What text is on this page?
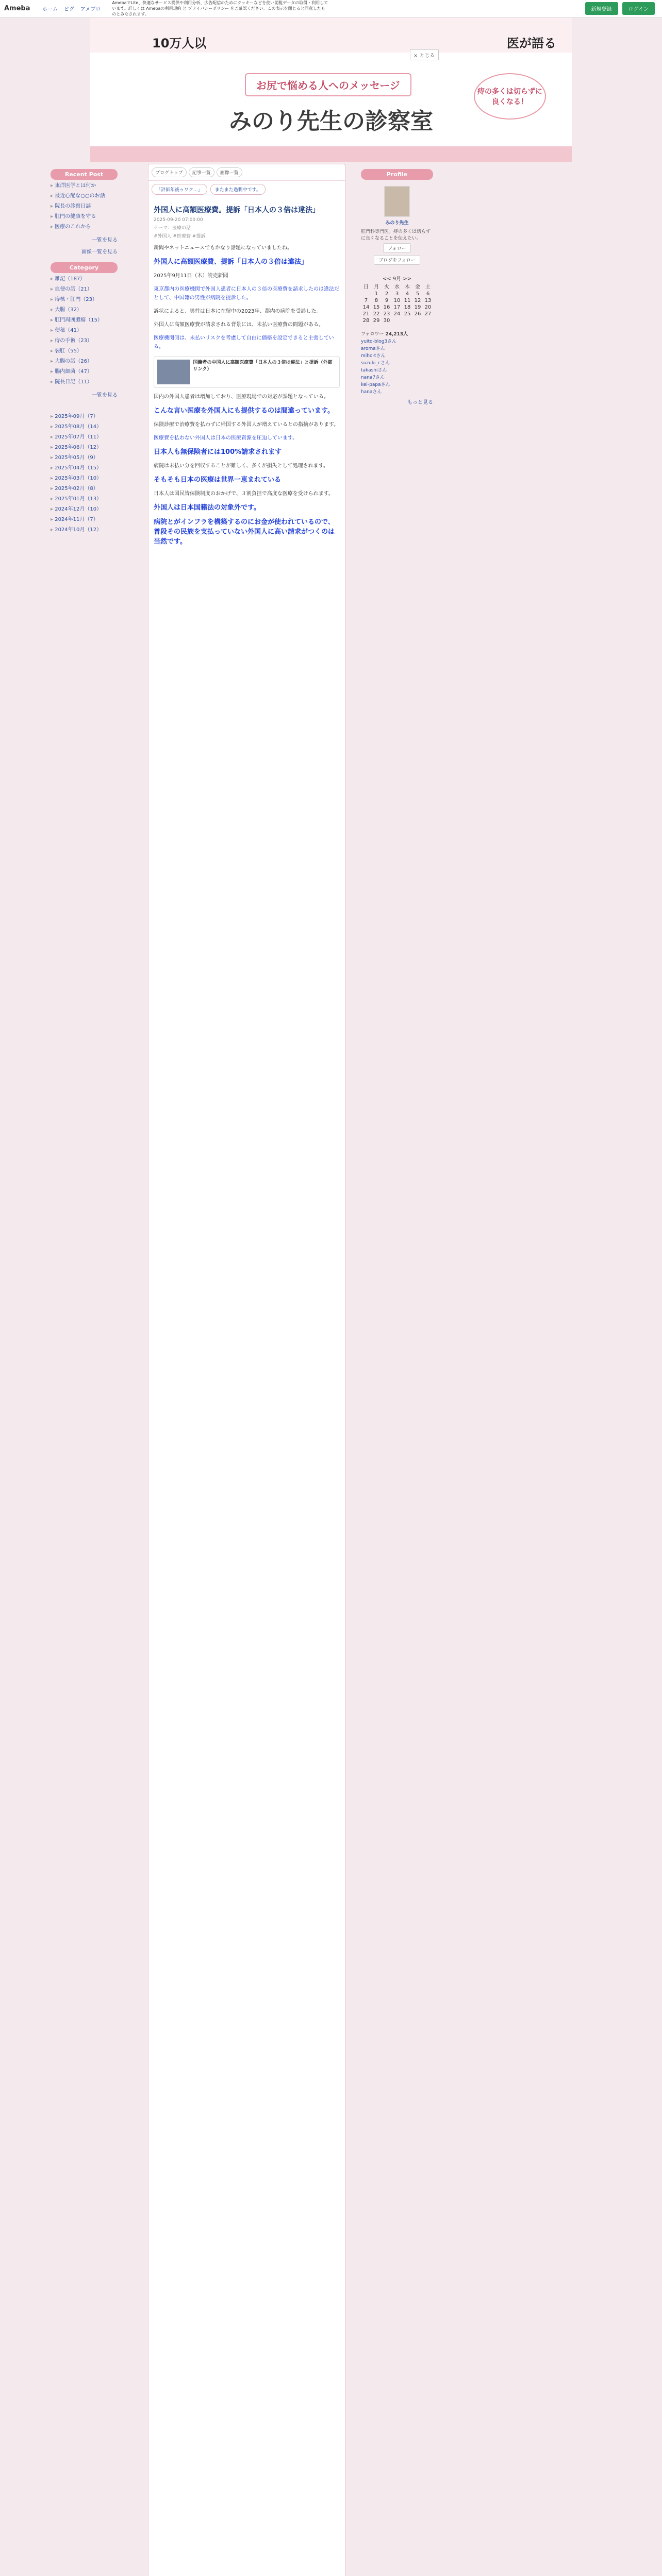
Ameba	ホーム ピグ アメブロ
AmebaでLite、快適なサービス提供や利用分析、広告配信のためにクッキーなどを使い閲覧データの取得・利用しています。詳しくは Amebaの利用規約 と プライバシーポリシー をご確認ください。この表示を閉じると同意したものとみなされます。
新規登録	ログイン
10万人以	医が語る
× とじる
お尻で悩める人へのメッセージ
みのり先生の診察室
痔の多くは切らずに良くなる！
Recent Post
▸ 東洋医学とは何か
▸ 最近心配な○○のお話
▸ 院長の診察日誌
▸ 肛門の健康を守る
▸ 医療のこれから
一覧を見る
画像一覧を見る
Category
▸ 雑記（187）
▸ 血便の話（21）
▸ 痔核・肛門（23）
▸ 大腸（32）
▸ 肛門周囲膿瘍（15）
▸ 便秘（41）
▸ 痔の手術（23）
▸ 裂肛（55）
▸ 大腸の話（26）
▸ 腸内細菌（47）
▸ 院長日記（11）
一覧を見る
▸ 2025年09月（7）
▸ 2025年08月（14）
▸ 2025年07月（11）
▸ 2025年06月（12）
▸ 2025年05月（9）
▸ 2025年04月（15）
▸ 2025年03月（10）
▸ 2025年02月（8）
▸ 2025年01月（13）
▸ 2024年12月（10）
▸ 2024年11月（7）
▸ 2024年10月（12）
ブログトップ	記事一覧	画像一覧
「評価年後ゥワク...」	またまた過剰中です。
外国人に高額医療費。提訴「日本人の３倍は違法」
2025-09-20 07:00:00
テーマ：医療の話
#外国人 #医療費 #提訴

新聞やネットニュースでもかなり話題になっていましたね。

外国人に高額医療費、提訴「日本人の３倍は違法」

2025年9月11日（木）読売新聞

東京都内の医療機関で外国人患者に日本人の３倍の医療費を請求したのは違法だとして、中国籍の男性が病院を提訴した。

訴状によると、男性は日本に在留中の2023年、都内の病院を受診した。

外国人に高額医療費が請求される背景には、未払い医療費の問題がある。

医療機関側は、未払いリスクを考慮して自由に価格を設定できると主張している。

国籍者の中国人に高額医療費「日本人の３倍は違法」と提訴（外部リンク）

国内の外国人患者は増加しており、医療現場での対応が課題となっている。

こんな言い医療を外国人にも提供するのは間違っています。

保険診療で治療費を払わずに帰国する外国人が増えているとの指摘があります。

医療費を払わない外国人は日本の医療資源を圧迫しています。

日本人も無保険者には100%請求されます

病院は未払い分を回収することが難しく、多くが損失として処理されます。

そもそも日本の医療は世界一恵まれている

日本人は国民皆保険制度のおかげで、３割負担で高度な医療を受けられます。

外国人は日本国籍法の対象外です。

病院とがインフラを構築するのにお金が使われているので、普段その民族を支払っていない外国人に高い請求がつくのは当然です。

Profile
みのり先生
肛門科専門医。痔の多くは切らずに良くなることを伝えたい。
フォロー ブログをフォロー
<< 9月 >>
日	月	火	水	木	金	土
	1	2	3	4	5	6
7	8	9	10	11	12	13
14	15	16	17	18	19	20
21	22	23	24	25	26	27
28	29	30				
フォロワー 24,213人
yuito-blog3さん
aromaさん
miho-tさん
suzuki_cさん
takashiさん
nana7さん
kei-papaさん
hanaさん
もっと見る
